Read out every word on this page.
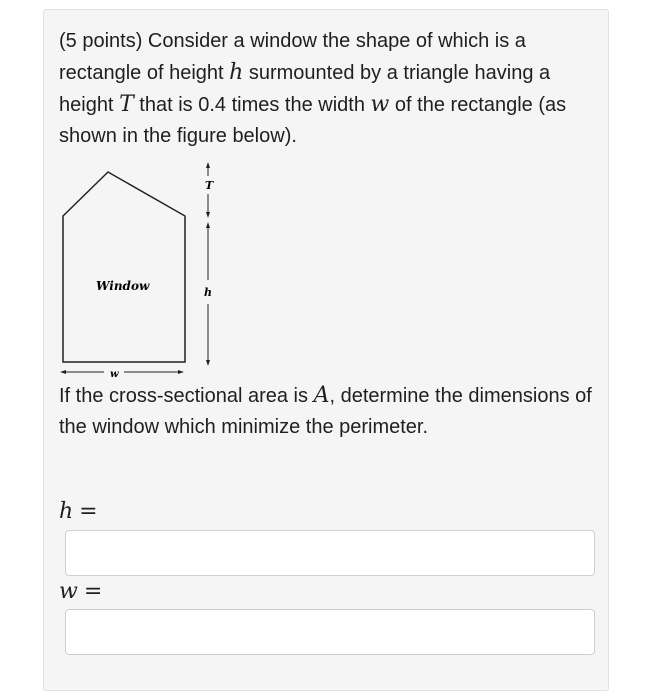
(5 points) Consider a window the shape of which is a rectangle of height h surmounted by a triangle having a height T that is 0.4 times the width w of the rectangle (as shown in the figure below).

T
h
Window
w

If the cross-sectional area is A, determine the dimensions of the window which minimize the perimeter.

h =
w =
